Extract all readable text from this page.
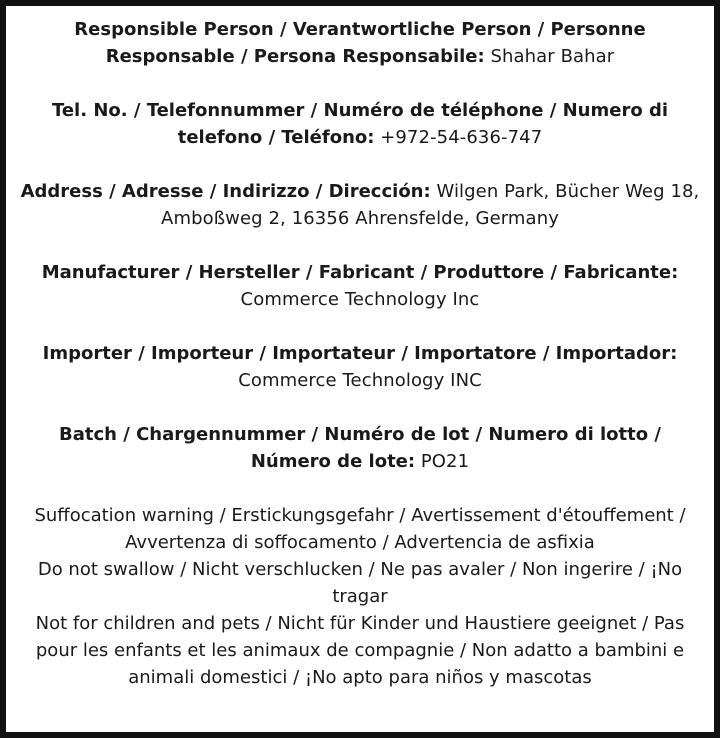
Responsible Person / Verantwortliche Person / Personne Responsable / Persona Responsabile: Shahar Bahar
Tel. No. / Telefonnummer / Numéro de téléphone / Numero di telefono / Teléfono: +972-54-636-747
Address / Adresse / Indirizzo / Dirección: Wilgen Park, Bücher Weg 18, Amboßweg 2, 16356 Ahrensfelde, Germany
Manufacturer / Hersteller / Fabricant / Produttore / Fabricante:
Commerce Technology Inc
Importer / Importeur / Importateur / Importatore / Importador:
Commerce Technology INC
Batch / Chargennummer / Numéro de lot / Numero di lotto / Número de lote: PO21
Suffocation warning / Erstickungsgefahr / Avertissement d'étouffement / Avvertenza di soffocamento / Advertencia de asfixia
Do not swallow / Nicht verschlucken / Ne pas avaler / Non ingerire / ¡No tragar
Not for children and pets / Nicht für Kinder und Haustiere geeignet / Pas pour les enfants et les animaux de compagnie / Non adatto a bambini e animali domestici / ¡No apto para niños y mascotas
